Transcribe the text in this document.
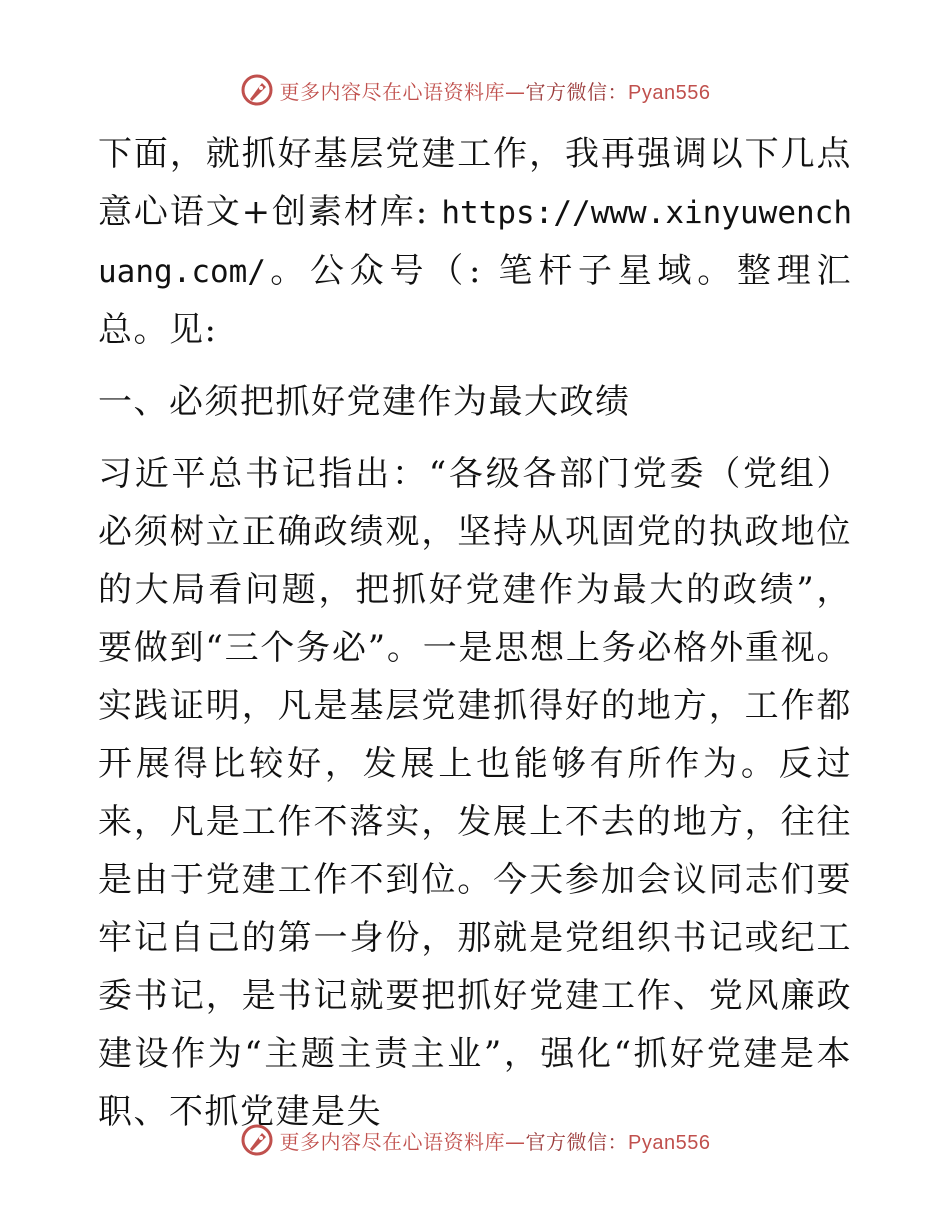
更多内容尽在心语资料库—官方微信：Pyan556

下面，就抓好基层党建工作，我再强调以下几点意心语文+创素材库: https://www.xinyuwenchuang.com/。公众号（: 笔杆子星域。整理汇总。见:

一、必须把抓好党建作为最大政绩

习近平总书记指出：“各级各部门党委（党组）必须树立正确政绩观，坚持从巩固党的执政地位的大局看问题，把抓好党建作为最大的政绩”，要做到“三个务必”。一是思想上务必格外重视。实践证明，凡是基层党建抓得好的地方，工作都开展得比较好，发展上也能够有所作为。反过来，凡是工作不落实，发展上不去的地方，往往是由于党建工作不到位。今天参加会议同志们要牢记自己的第一身份，那就是党组织书记或纪工委书记，是书记就要把抓好党建工作、党风廉政建设作为“主题主责主业”，强化“抓好党建是本职、不抓党建是失

更多内容尽在心语资料库—官方微信：Pyan556
